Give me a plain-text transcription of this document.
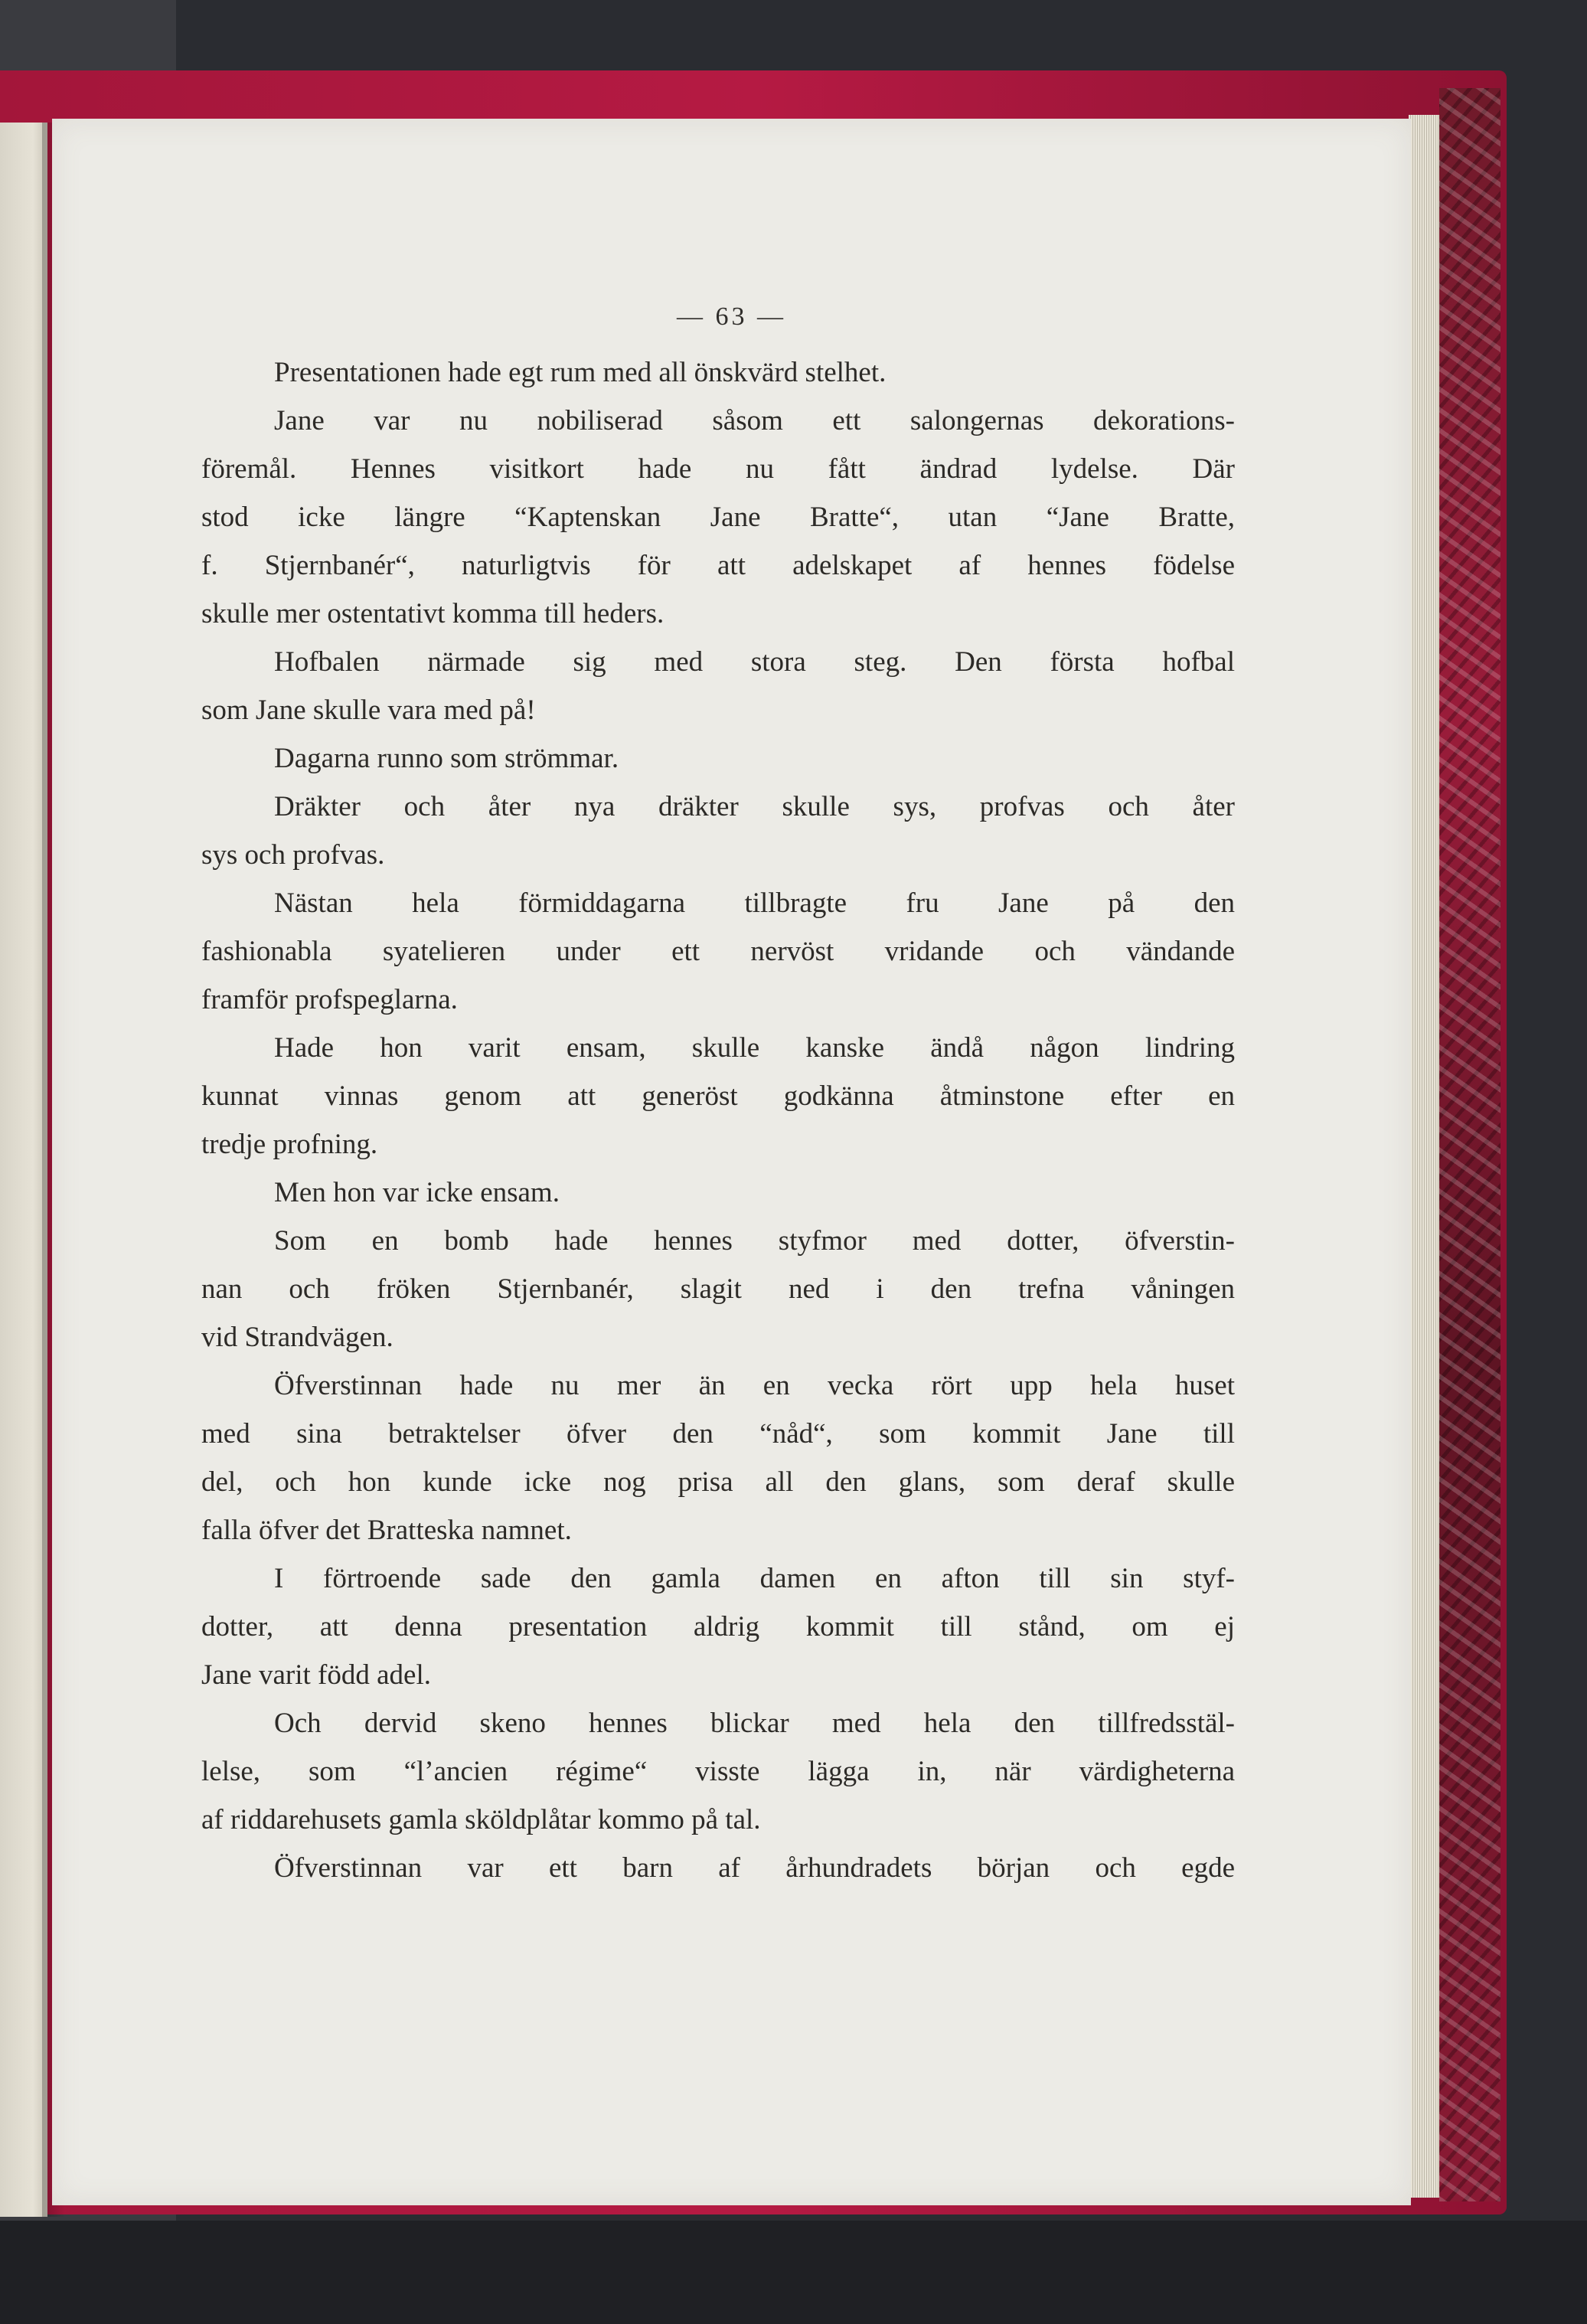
— 63 —
Presentationen hade egt rum med all önskvärd stelhet.
Jane var nu nobiliserad såsom ett salongernas dekorations-
föremål. Hennes visitkort hade nu fått ändrad lydelse. Där
stod icke längre “Kaptenskan Jane Bratte“, utan “Jane Bratte,
f. Stjernbanér“, naturligtvis för att adelskapet af hennes födelse
skulle mer ostentativt komma till heders.
Hofbalen närmade sig med stora steg. Den första hofbal
som Jane skulle vara med på!
Dagarna runno som strömmar.
Dräkter och åter nya dräkter skulle sys, profvas och åter
sys och profvas.
Nästan hela förmiddagarna tillbragte fru Jane på den
fashionabla syatelieren under ett nervöst vridande och vändande
framför profspeglarna.
Hade hon varit ensam, skulle kanske ändå någon lindring
kunnat vinnas genom att generöst godkänna åtminstone efter en
tredje profning.
Men hon var icke ensam.
Som en bomb hade hennes styfmor med dotter, öfverstin-
nan och fröken Stjernbanér, slagit ned i den trefna våningen
vid Strandvägen.
Öfverstinnan hade nu mer än en vecka rört upp hela huset
med sina betraktelser öfver den “nåd“, som kommit Jane till
del, och hon kunde icke nog prisa all den glans, som deraf skulle
falla öfver det Bratteska namnet.
I förtroende sade den gamla damen en afton till sin styf-
dotter, att denna presentation aldrig kommit till stånd, om ej
Jane varit född adel.
Och dervid skeno hennes blickar med hela den tillfredsstäl-
lelse, som “l’ancien régime“ visste lägga in, när värdigheterna
af riddarehusets gamla sköldplåtar kommo på tal.
Öfverstinnan var ett barn af århundradets början och egde
